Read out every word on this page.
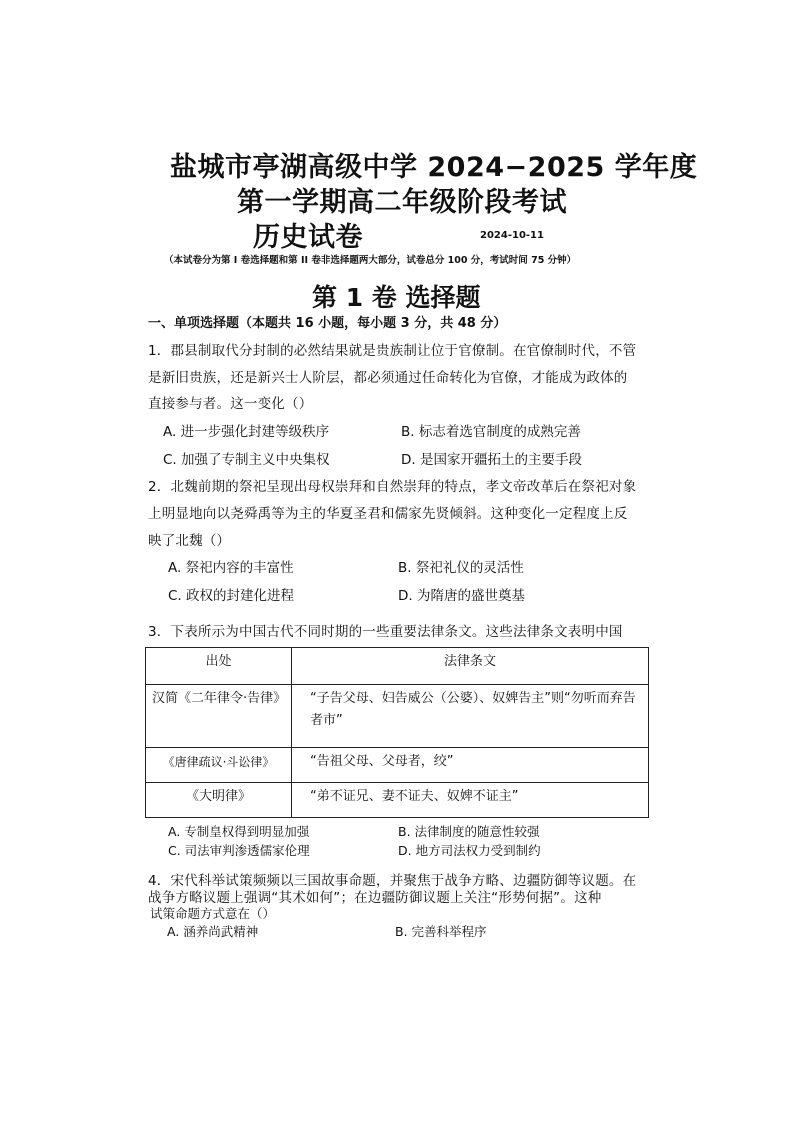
盐城市亭湖高级中学 2024−2025 学年度
第一学期高二年级阶段考试
历史试卷	2024-10-11
（本试卷分为第 I 卷选择题和第 II 卷非选择题两大部分，试卷总分 100 分，考试时间 75 分钟）
第 1 卷 选择题
一、单项选择题（本题共 16 小题，每小题 3 分，共 48 分）
1．郡县制取代分封制的必然结果就是贵族制让位于官僚制。在官僚制时代，不管
是新旧贵族，还是新兴士人阶层，都必须通过任命转化为官僚，才能成为政体的
直接参与者。这一变化（）
A. 进一步强化封建等级秩序	B. 标志着选官制度的成熟完善
C. 加强了专制主义中央集权	D. 是国家开疆拓土的主要手段
2．北魏前期的祭祀呈现出母权崇拜和自然崇拜的特点，孝文帝改革后在祭祀对象
上明显地向以尧舜禹等为主的华夏圣君和儒家先贤倾斜。这种变化一定程度上反
映了北魏（）
A. 祭祀内容的丰富性	B. 祭祀礼仪的灵活性
C. 政权的封建化进程	D. 为隋唐的盛世奠基
3．下表所示为中国古代不同时期的一些重要法律条文。这些法律条文表明中国
出处	法律条文
汉简《二年律令·告律》	“子告父母、妇告威公（公婆）、奴婢告主”则“勿听而弃告者市”
《唐律疏议·斗讼律》	“告祖父母、父母者，绞”
《大明律》	“弟不证兄、妻不证夫、奴婢不证主”
A. 专制皇权得到明显加强	B. 法律制度的随意性较强
C. 司法审判渗透儒家伦理	D. 地方司法权力受到制约
4．宋代科举试策频频以三国故事命题，并聚焦于战争方略、边疆防御等议题。在
战争方略议题上强调“其术如何”；在边疆防御议题上关注“形势何据”。这种
试策命题方式意在（）
A. 涵养尚武精神	B. 完善科举程序
